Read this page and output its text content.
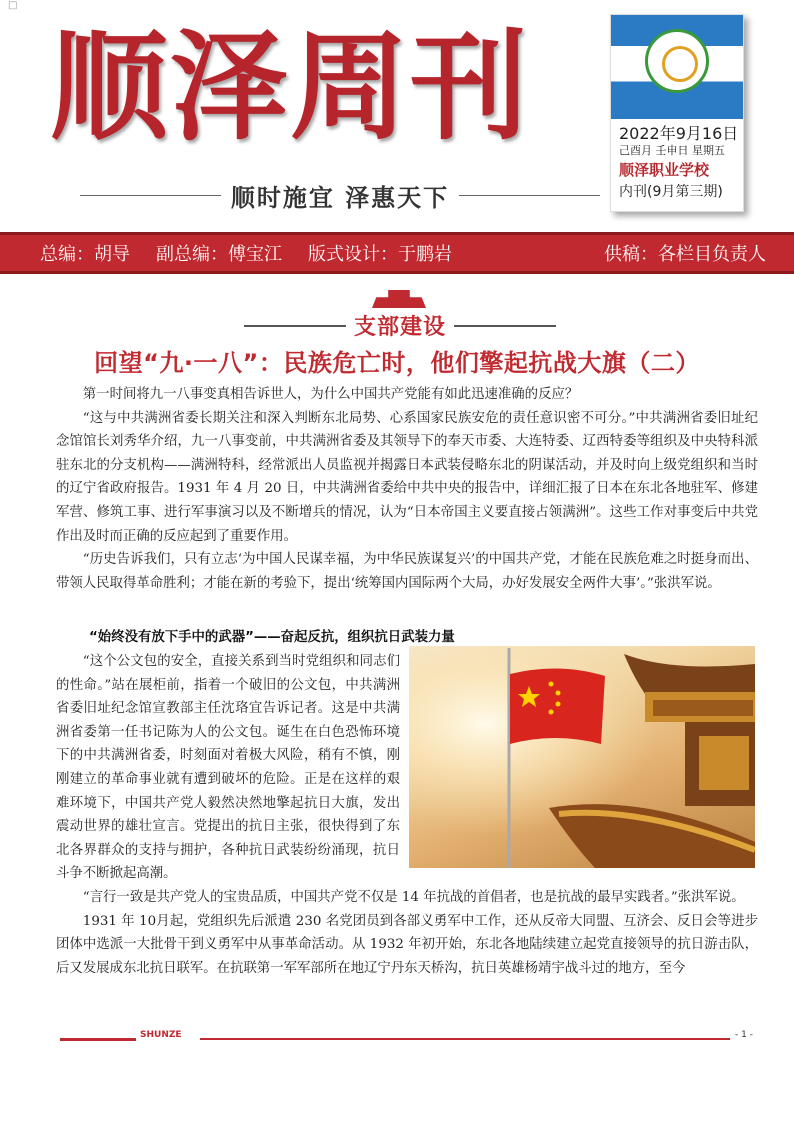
□
顺泽周刊
顺时施宜 泽惠天下
2022年9月16日
己酉月 壬申日 星期五
顺泽职业学校
内刊(9月第三期)
总编：胡导 副总编：傅宝江 版式设计：于鹏岩	供稿：各栏目负责人
支部建设
回望“九·一八”：民族危亡时，他们擎起抗战大旗（二）

第一时间将九一八事变真相告诉世人，为什么中国共产党能有如此迅速准确的反应？

“这与中共满洲省委长期关注和深入判断东北局势、心系国家民族安危的责任意识密不可分。”中共满洲省委旧址纪念馆馆长刘秀华介绍，九一八事变前，中共满洲省委及其领导下的奉天市委、大连特委、辽西特委等组织及中央特科派驻东北的分支机构——满洲特科，经常派出人员监视并揭露日本武装侵略东北的阴谋活动，并及时向上级党组织和当时的辽宁省政府报告。1931 年 4 月 20 日，中共满洲省委给中共中央的报告中，详细汇报了日本在东北各地驻军、修建军营、修筑工事、进行军事演习以及不断增兵的情况，认为“日本帝国主义要直接占领满洲”。这些工作对事变后中共党作出及时而正确的反应起到了重要作用。

“历史告诉我们，只有立志‘为中国人民谋幸福，为中华民族谋复兴’的中国共产党，才能在民族危难之时挺身而出、带领人民取得革命胜利；才能在新的考验下，提出‘统筹国内国际两个大局，办好发展安全两件大事’。”张洪军说。

“始终没有放下手中的武器”——奋起反抗，组织抗日武装力量

“这个公文包的安全，直接关系到当时党组织和同志们的性命。”站在展柜前，指着一个破旧的公文包，中共满洲省委旧址纪念馆宣教部主任沈珞宜告诉记者。这是中共满洲省委第一任书记陈为人的公文包。诞生在白色恐怖环境下的中共满洲省委，时刻面对着极大风险，稍有不慎，刚刚建立的革命事业就有遭到破坏的危险。正是在这样的艰难环境下，中国共产党人毅然决然地擎起抗日大旗，发出震动世界的雄壮宣言。党提出的抗日主张，很快得到了东北各界群众的支持与拥护，各种抗日武装纷纷涌现，抗日斗争不断掀起高潮。

“言行一致是共产党人的宝贵品质，中国共产党不仅是 14 年抗战的首倡者，也是抗战的最早实践者。”张洪军说。

1931 年 10月起，党组织先后派遣 230 名党团员到各部义勇军中工作，还从反帝大同盟、互济会、反日会等进步团体中选派一大批骨干到义勇军中从事革命活动。从 1932 年初开始，东北各地陆续建立起党直接领导的抗日游击队，后又发展成东北抗日联军。在抗联第一军军部所在地辽宁丹东天桥沟，抗日英雄杨靖宇战斗过的地方，至今

SHUNZE	- 1 -
